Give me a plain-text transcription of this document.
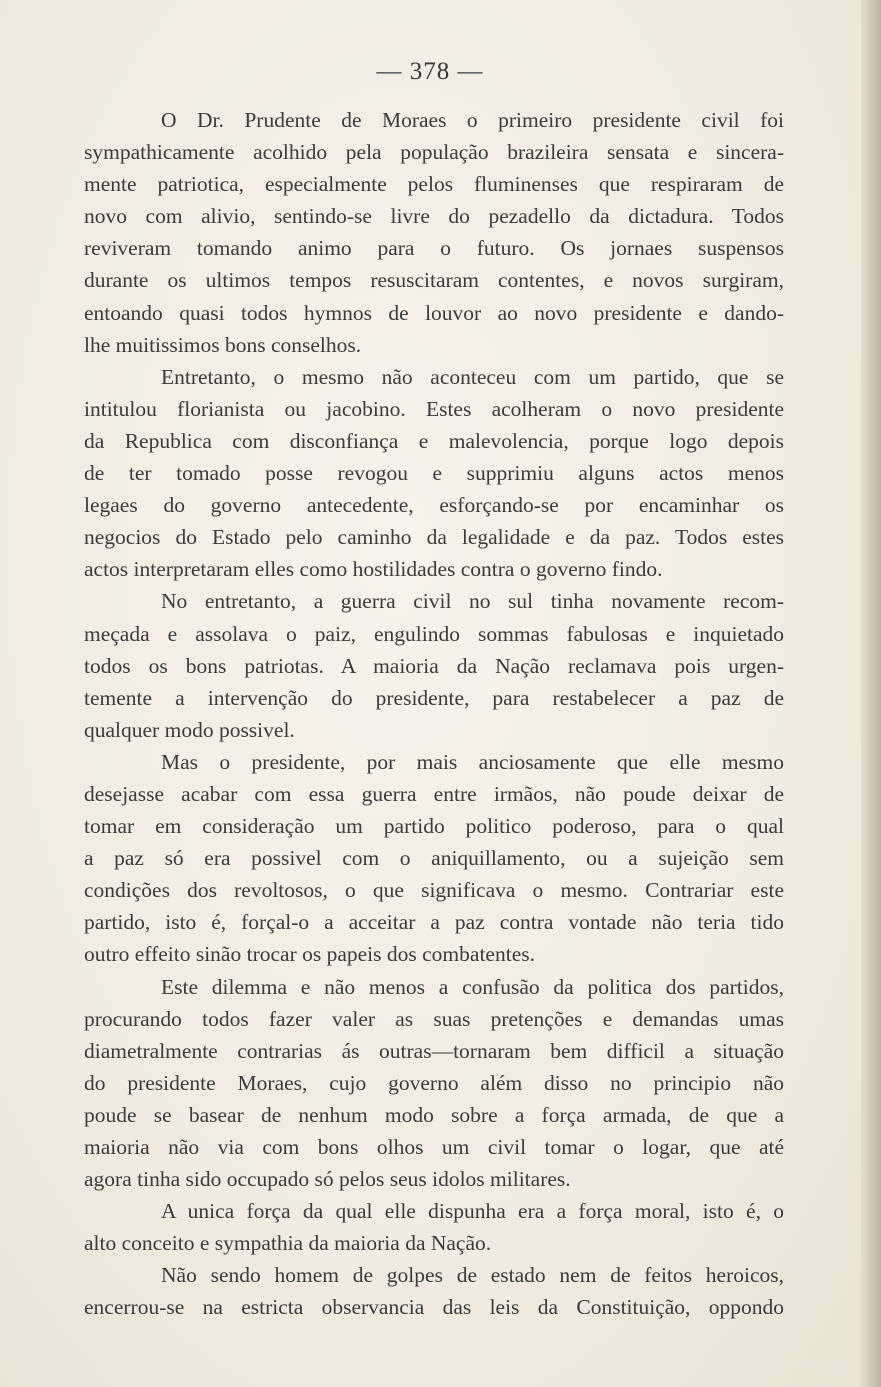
— 378 —
O Dr. Prudente de Moraes o primeiro presidente civil foi
sympathicamente acolhido pela população brazileira sensata e sincera-
mente patriotica, especialmente pelos fluminenses que respiraram de
novo com alivio, sentindo-se livre do pezadello da dictadura. Todos
reviveram tomando animo para o futuro. Os jornaes suspensos
durante os ultimos tempos resuscitaram contentes, e novos surgiram,
entoando quasi todos hymnos de louvor ao novo presidente e dando-
lhe muitissimos bons conselhos.
Entretanto, o mesmo não aconteceu com um partido, que se
intitulou florianista ou jacobino. Estes acolheram o novo presidente
da Republica com disconfiança e malevolencia, porque logo depois
de ter tomado posse revogou e supprimiu alguns actos menos
legaes do governo antecedente, esforçando-se por encaminhar os
negocios do Estado pelo caminho da legalidade e da paz. Todos estes
actos interpretaram elles como hostilidades contra o governo findo.
No entretanto, a guerra civil no sul tinha novamente recom-
meçada e assolava o paiz, engulindo sommas fabulosas e inquietado
todos os bons patriotas. A maioria da Nação reclamava pois urgen-
temente a intervenção do presidente, para restabelecer a paz de
qualquer modo possivel.
Mas o presidente, por mais anciosamente que elle mesmo
desejasse acabar com essa guerra entre irmãos, não poude deixar de
tomar em consideração um partido politico poderoso, para o qual
a paz só era possivel com o aniquillamento, ou a sujeição sem
condições dos revoltosos, o que significava o mesmo. Contrariar este
partido, isto é, forçal-o a acceitar a paz contra vontade não teria tido
outro effeito sinão trocar os papeis dos combatentes.
Este dilemma e não menos a confusão da politica dos partidos,
procurando todos fazer valer as suas pretenções e demandas umas
diametralmente contrarias ás outras—tornaram bem difficil a situação
do presidente Moraes, cujo governo além disso no principio não
poude se basear de nenhum modo sobre a força armada, de que a
maioria não via com bons olhos um civil tomar o logar, que até
agora tinha sido occupado só pelos seus idolos militares.
A unica força da qual elle dispunha era a força moral, isto é, o
alto conceito e sympathia da maioria da Nação.
Não sendo homem de golpes de estado nem de feitos heroicos,
encerrou-se na estricta observancia das leis da Constituição, oppondo
